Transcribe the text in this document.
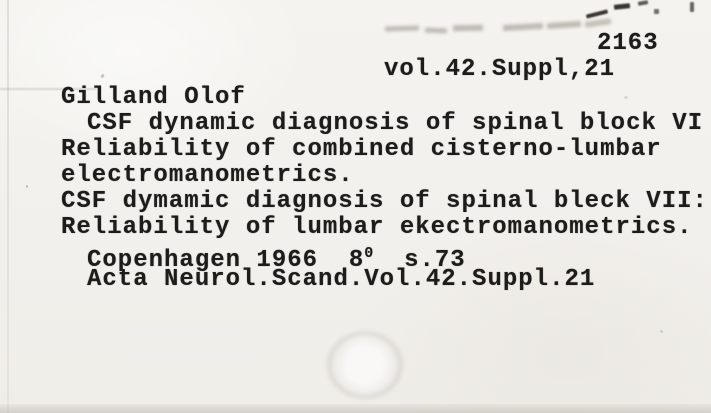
2163
vol.42.Suppl,21
Gilland Olof
CSF dynamic diagnosis of spinal block VI
Reliability of combined cisterno-lumbar
electromanometrics.
CSF dymamic diagnosis of spinal bleck VII:
Reliability of lumbar ekectromanometrics.
Copenhagen 1966  $8^0$  s.73
Acta Neurol.Scand.Vol.42.Suppl.21
